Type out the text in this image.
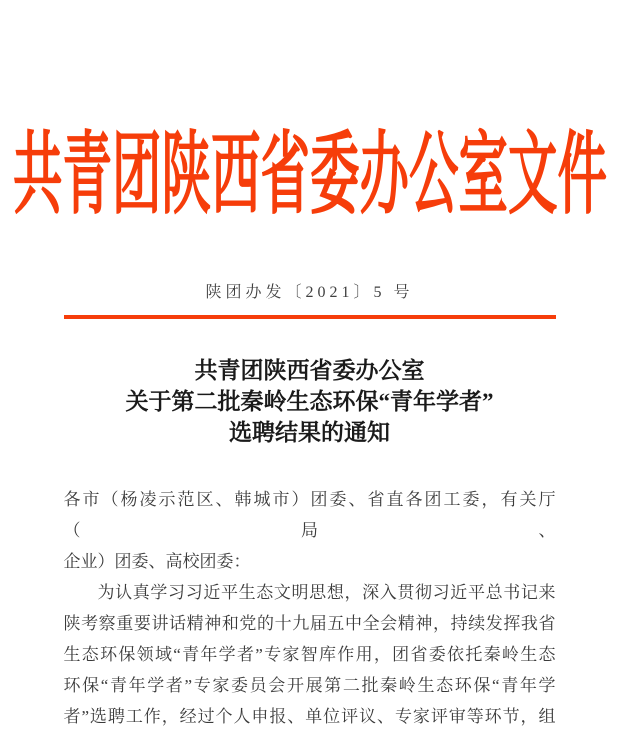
共青团陕西省委办公室文件
陕团办发〔2021〕5 号
共青团陕西省委办公室
关于第二批秦岭生态环保“青年学者”
选聘结果的通知
各市（杨凌示范区、韩城市）团委、省直各团工委，有关厅（局、
企业）团委、高校团委：
为认真学习习近平生态文明思想，深入贯彻习近平总书记来
陕考察重要讲话精神和党的十九届五中全会精神，持续发挥我省
生态环保领域“青年学者”专家智库作用，团省委依托秦岭生态
环保“青年学者”专家委员会开展第二批秦岭生态环保“青年学
者”选聘工作，经过个人申报、单位评议、专家评审等环节，组
